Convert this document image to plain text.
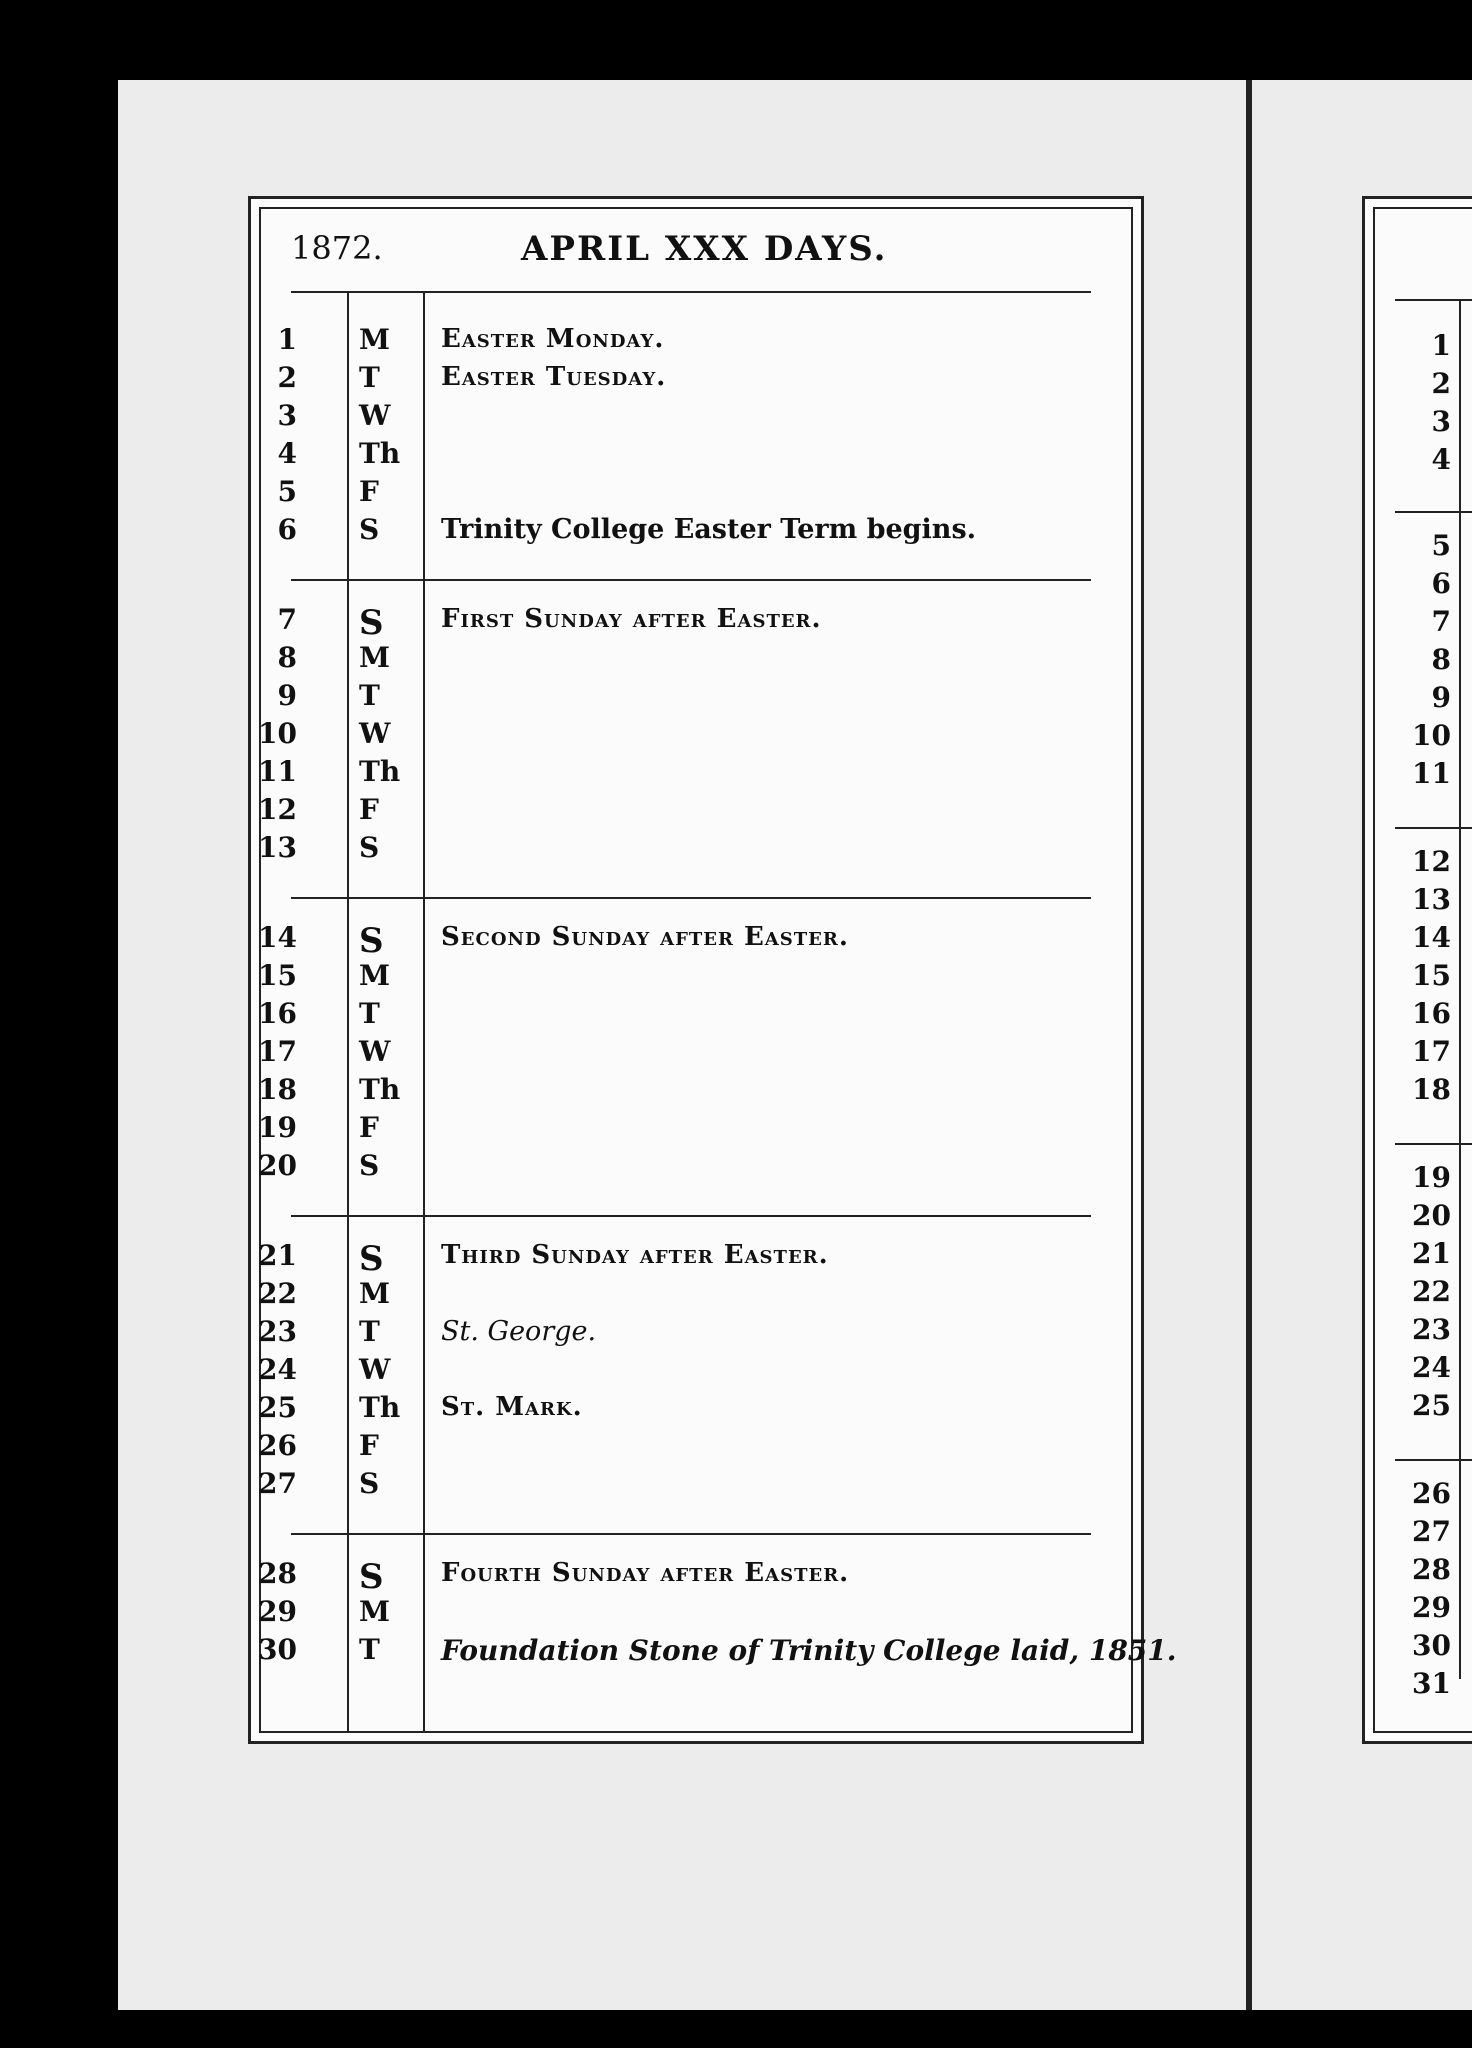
1872.	APRIL XXX DAYS.
1 M Easter Monday.
2 T Easter Tuesday.
3 W
4 Th
5 F
6 S Trinity College Easter Term begins.
7 S First Sunday after Easter.
8 M
9 T
10 W
11 Th
12 F
13 S
14 S Second Sunday after Easter.
15 M
16 T
17 W
18 Th
19 F
20 S
21 S Third Sunday after Easter.
22 M
23 T St. George.
24 W
25 Th St. Mark.
26 F
27 S
28 S Fourth Sunday after Easter.
29 M
30 T Foundation Stone of Trinity College laid, 1851.
1
2
3
4
5
6
7
8
9
10
11
12
13
14
15
16
17
18
19
20
21
22
23
24
25
26
27
28
29
30
31
